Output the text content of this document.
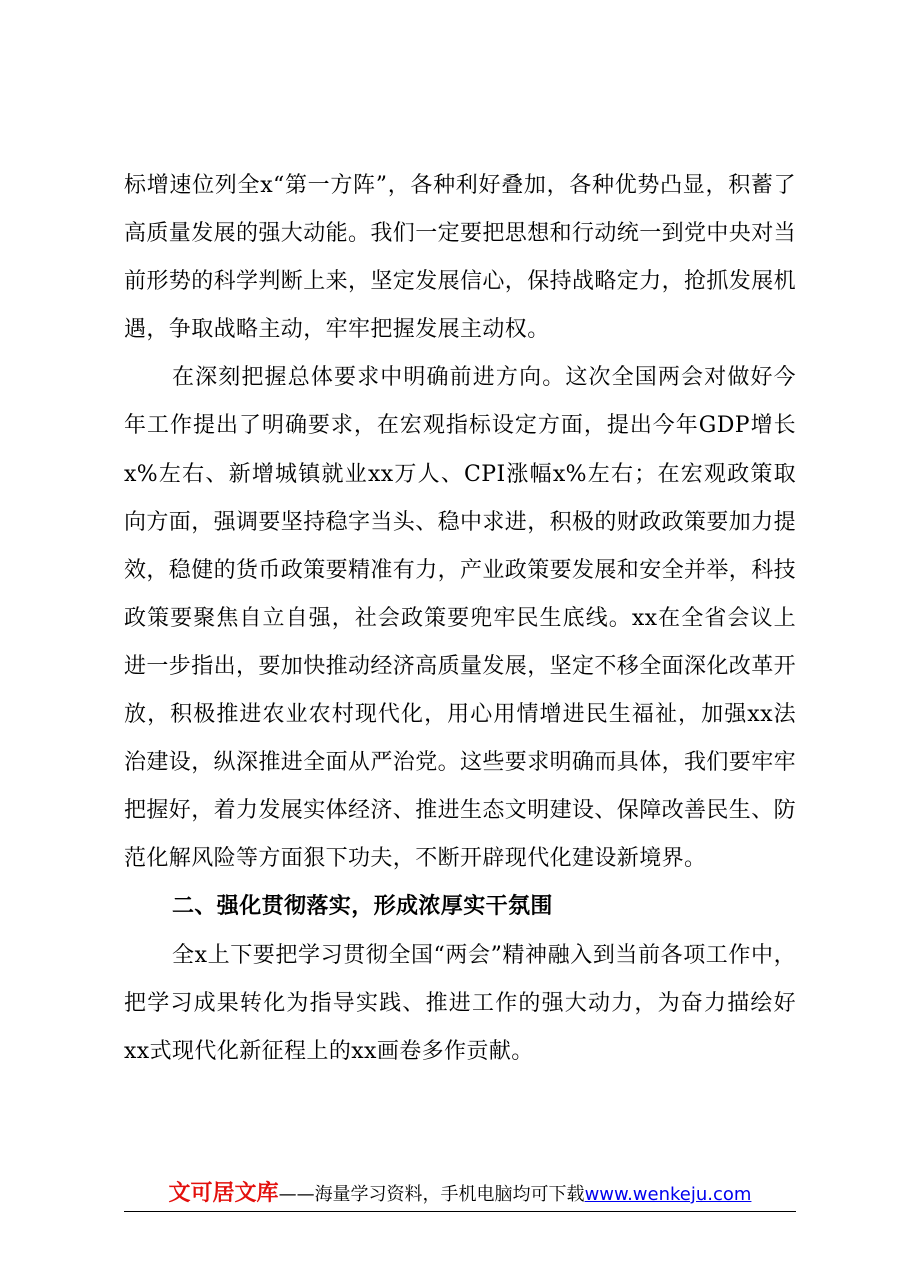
标增速位列全x“第一方阵”，各种利好叠加，各种优势凸显，积蓄了高质量发展的强大动能。我们一定要把思想和行动统一到党中央对当前形势的科学判断上来，坚定发展信心，保持战略定力，抢抓发展机遇，争取战略主动，牢牢把握发展主动权。

在深刻把握总体要求中明确前进方向。这次全国两会对做好今年工作提出了明确要求，在宏观指标设定方面，提出今年GDP增长x%左右、新增城镇就业xx万人、CPI涨幅x%左右；在宏观政策取向方面，强调要坚持稳字当头、稳中求进，积极的财政政策要加力提效，稳健的货币政策要精准有力，产业政策要发展和安全并举，科技政策要聚焦自立自强，社会政策要兜牢民生底线。xx在全省会议上进一步指出，要加快推动经济高质量发展，坚定不移全面深化改革开放，积极推进农业农村现代化，用心用情增进民生福祉，加强xx法治建设，纵深推进全面从严治党。这些要求明确而具体，我们要牢牢把握好，着力发展实体经济、推进生态文明建设、保障改善民生、防范化解风险等方面狠下功夫，不断开辟现代化建设新境界。

二、强化贯彻落实，形成浓厚实干氛围

全x上下要把学习贯彻全国“两会”精神融入到当前各项工作中，把学习成果转化为指导实践、推进工作的强大动力，为奋力描绘好xx式现代化新征程上的xx画卷多作贡献。

文可居文库——海量学习资料，手机电脑均可下载www.wenkeju.com
